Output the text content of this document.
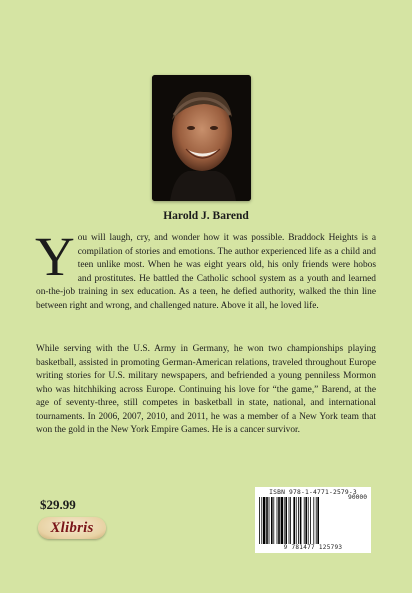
Harold J. Barend

You will laugh, cry, and wonder how it was possible. Braddock Heights is a compilation of stories and emotions. The author experienced life as a child and teen unlike most. When he was eight years old, his only friends were hobos and prostitutes. He battled the Catholic school system as a youth and learned on-the-job training in sex education. As a teen, he defied authority, walked the thin line between right and wrong, and challenged nature. Above it all, he loved life.

While serving with the U.S. Army in Germany, he won two championships playing basketball, assisted in promoting German-American relations, traveled throughout Europe writing stories for U.S. military newspapers, and befriended a young penniless Mormon who was hitchhiking across Europe. Continuing his love for “the game,” Barend, at the age of seventy-three, still competes in basketball in state, national, and international tournaments. In 2006, 2007, 2010, and 2011, he was a member of a New York team that won the gold in the New York Empire Games. He is a cancer survivor.

$29.99
Xlibris
ISBN 978-1-4771-2579-3
90000
9 781477 125793
